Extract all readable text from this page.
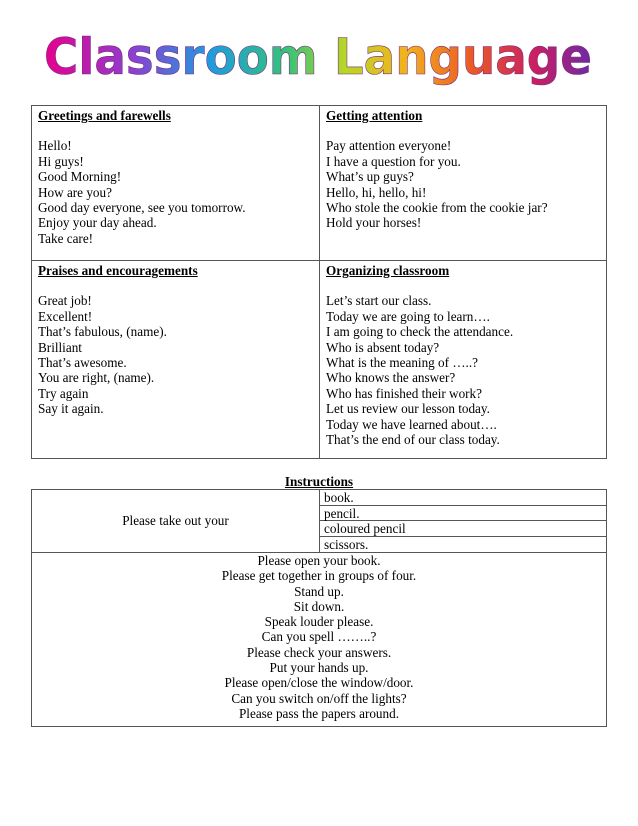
Classroom Language
Greetings and farewells
Hello!
Hi guys!
Good Morning!
How are you?
Good day everyone, see you tomorrow.
Enjoy your day ahead.
Take care!
Getting attention
Pay attention everyone!
I have a question for you.
What’s up guys?
Hello, hi, hello, hi!
Who stole the cookie from the cookie jar?
Hold your horses!
Praises and encouragements
Great job!
Excellent!
That’s fabulous, (name).
Brilliant
That’s awesome.
You are right, (name).
Try again
Say it again.
Organizing classroom
Let’s start our class.
Today we are going to learn….
I am going to check the attendance.
Who is absent today?
What is the meaning of …..?
Who knows the answer?
Who has finished their work?
Let us review our lesson today.
Today we have learned about….
That’s the end of our class today.
Instructions
Please take out your
book.
pencil.
coloured pencil
scissors.
Please open your book.
Please get together in groups of four.
Stand up.
Sit down.
Speak louder please.
Can you spell ……..?
Please check your answers.
Put your hands up.
Please open/close the window/door.
Can you switch on/off the lights?
Please pass the papers around.
